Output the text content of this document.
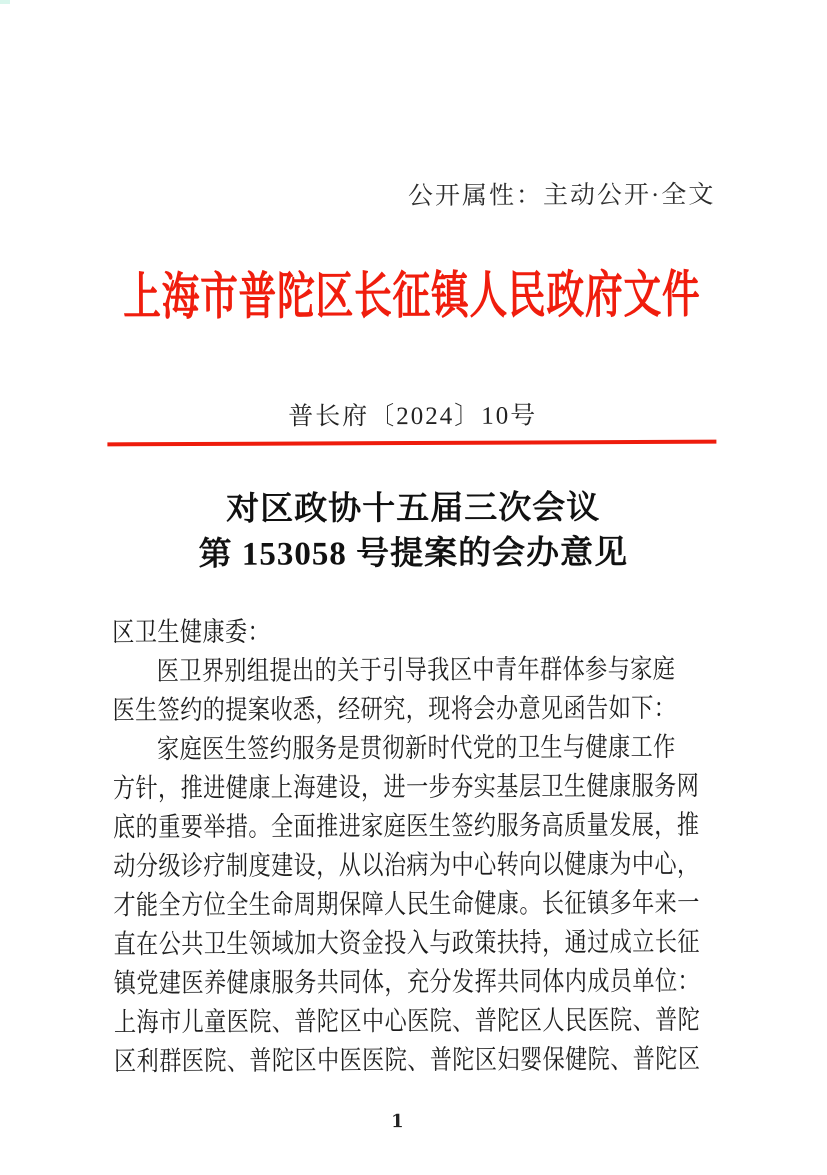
公开属性：主动公开·全文
上海市普陀区长征镇人民政府文件
普长府〔2024〕10号
对区政协十五届三次会议
第 153058 号提案的会办意见
区卫生健康委：
医卫界别组提出的关于引导我区中青年群体参与家庭
医生签约的提案收悉，经研究，现将会办意见函告如下：
家庭医生签约服务是贯彻新时代党的卫生与健康工作
方针，推进健康上海建设，进一步夯实基层卫生健康服务网
底的重要举措。全面推进家庭医生签约服务高质量发展，推
动分级诊疗制度建设，从以治病为中心转向以健康为中心，
才能全方位全生命周期保障人民生命健康。长征镇多年来一
直在公共卫生领域加大资金投入与政策扶持，通过成立长征
镇党建医养健康服务共同体，充分发挥共同体内成员单位：
上海市儿童医院、普陀区中心医院、普陀区人民医院、普陀
区利群医院、普陀区中医医院、普陀区妇婴保健院、普陀区
1
